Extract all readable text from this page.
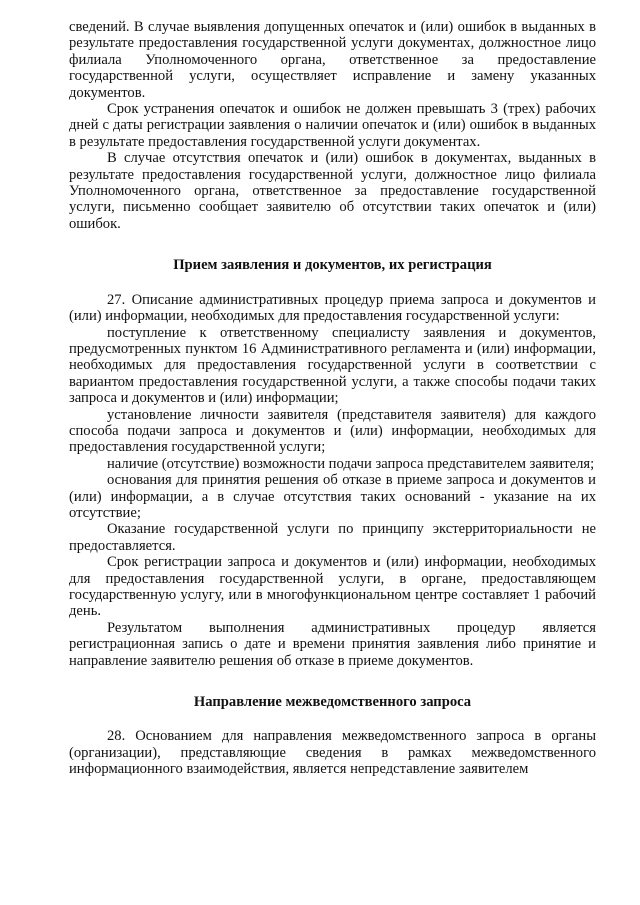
сведений. В случае выявления допущенных опечаток и (или) ошибок в выданных в результате предоставления государственной услуги документах, должностное лицо филиала Уполномоченного органа, ответственное за предоставление государственной услуги, осуществляет исправление и замену указанных документов.

Срок устранения опечаток и ошибок не должен превышать 3 (трех) рабочих дней с даты регистрации заявления о наличии опечаток и (или) ошибок в выданных в результате предоставления государственной услуги документах.

В случае отсутствия опечаток и (или) ошибок в документах, выданных в результате предоставления государственной услуги, должностное лицо филиала Уполномоченного органа, ответственное за предоставление государственной услуги, письменно сообщает заявителю об отсутствии таких опечаток и (или) ошибок.

Прием заявления и документов, их регистрация

27. Описание административных процедур приема запроса и документов и (или) информации, необходимых для предоставления государственной услуги:

поступление к ответственному специалисту заявления и документов, предусмотренных пунктом 16 Административного регламента и (или) информации, необходимых для предоставления государственной услуги в соответствии с вариантом предоставления государственной услуги, а также способы подачи таких запроса и документов и (или) информации;

установление личности заявителя (представителя заявителя) для каждого способа подачи запроса и документов и (или) информации, необходимых для предоставления государственной услуги;

наличие (отсутствие) возможности подачи запроса представителем заявителя;

основания для принятия решения об отказе в приеме запроса и документов и (или) информации, а в случае отсутствия таких оснований - указание на их отсутствие;

Оказание государственной услуги по принципу экстерриториальности не предоставляется.

Срок регистрации запроса и документов и (или) информации, необходимых для предоставления государственной услуги, в органе, предоставляющем государственную услугу, или в многофункциональном центре составляет 1 рабочий день.

Результатом выполнения административных процедур является регистрационная запись о дате и времени принятия заявления либо принятие и направление заявителю решения об отказе в приеме документов.

Направление межведомственного запроса

28. Основанием для направления межведомственного запроса в органы (организации), представляющие сведения в рамках межведомственного информационного взаимодействия, является непредставление заявителем
